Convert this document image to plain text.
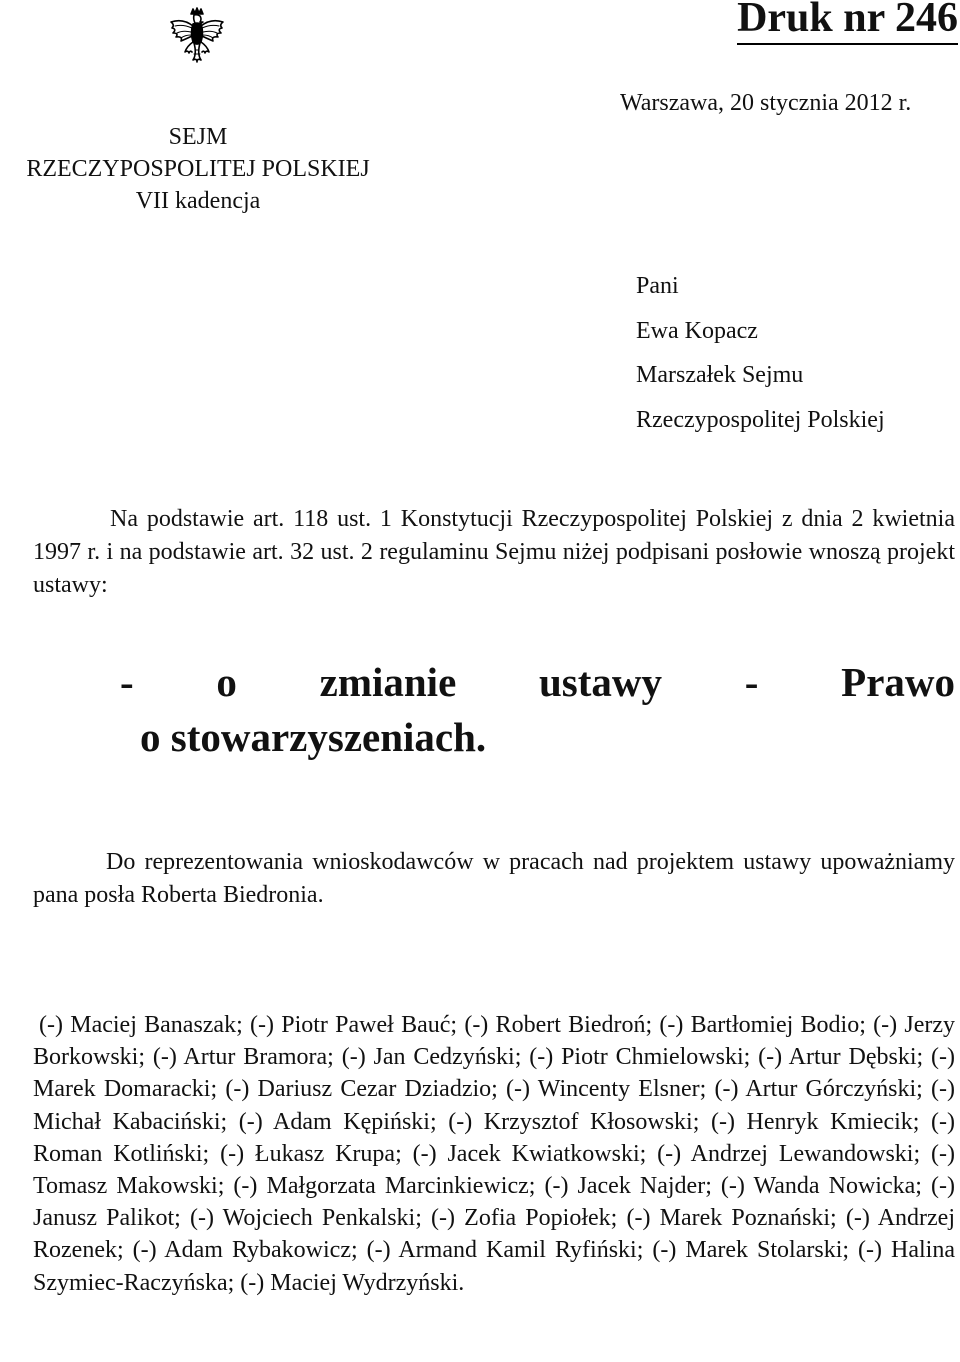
Druk nr 246
Warszawa, 20 stycznia 2012 r.
SEJM
RZECZYPOSPOLITEJ POLSKIEJ
VII kadencja
Pani
Ewa Kopacz
Marszałek Sejmu
Rzeczypospolitej Polskiej
Na podstawie art. 118 ust. 1 Konstytucji Rzeczypospolitej Polskiej z dnia 2 kwietnia 1997 r. i na podstawie art. 32 ust. 2 regulaminu Sejmu niżej podpisani posłowie wnoszą projekt ustawy:
- o zmianie ustawy - Prawo
o stowarzyszeniach.
Do reprezentowania wnioskodawców w pracach nad projektem ustawy upoważniamy pana posła Roberta Biedronia.
(-) Maciej Banaszak; (-) Piotr Paweł Bauć; (-) Robert Biedroń; (-) Bartłomiej Bodio; (-) Jerzy Borkowski; (-) Artur Bramora; (-) Jan Cedzyński; (-) Piotr Chmielowski; (-) Artur Dębski; (-) Marek Domaracki; (-) Dariusz Cezar Dziadzio; (-) Wincenty Elsner; (-) Artur Górczyński; (-) Michał Kabaciński; (-) Adam Kępiński; (-) Krzysztof Kłosowski; (-) Henryk Kmiecik; (-) Roman Kotliński; (-) Łukasz Krupa; (-) Jacek Kwiatkowski; (-) Andrzej Lewandowski; (-) Tomasz Makowski; (-) Małgorzata Marcinkiewicz; (-) Jacek Najder; (-) Wanda Nowicka; (-) Janusz Palikot; (-) Wojciech Penkalski; (-) Zofia Popiołek; (-) Marek Poznański; (-) Andrzej Rozenek; (-) Adam Rybakowicz; (-) Armand Kamil Ryfiński; (-) Marek Stolarski; (-) Halina Szymiec-Raczyńska; (-) Maciej Wydrzyński.
